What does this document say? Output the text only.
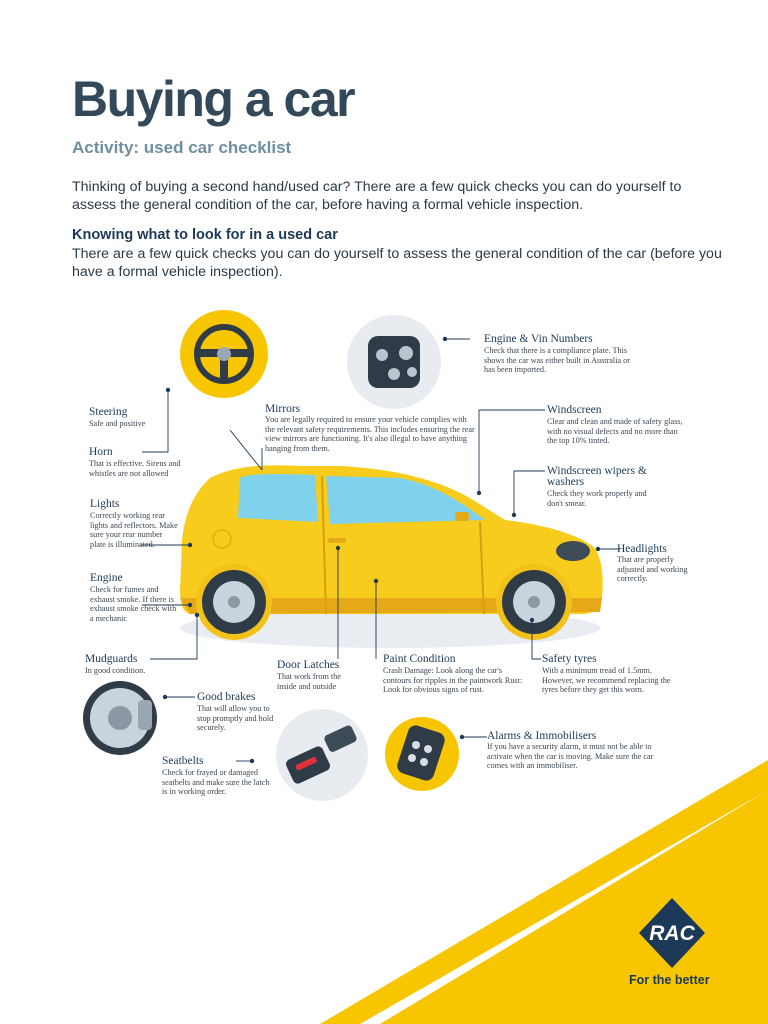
Buying a car
Activity: used car checklist
Thinking of buying a second hand/used car? There are a few quick checks you can do yourself to assess the general condition of the car, before having a formal vehicle inspection.
Knowing what to look for in a used car
There are a few quick checks you can do yourself to assess the general condition of the car (before you have a formal vehicle inspection).
RAC
Engine & Vin Numbers
Check that there is a compliance plate. This shows the car was either built in Australia or has been imported.
Steering
Safe and positive
Mirrors
You are legally required to ensure your vehicle complies with the relevant safety requirements. This includes ensuring the rear view mirrors are functioning. It's also illegal to have anything hanging from them.
Windscreen
Clear and clean and made of safety glass, with no visual defects and no more than the top 10% tinted.
Horn
That is effective. Sirens and whistles are not allowed	Windscreen wipers & washers
Check they work properly and don't smear.
Lights
Correctly working rear lights and reflectors. Make sure your rear number plate is illuminated.	Headlights
That are properly adjusted and working correctly.
Engine
Check for fumes and exhaust smoke. If there is exhaust smoke check with a mechanic
Mudguards
In good condition.	Door Latches
That work from the inside and outside
Paint Condition
Crash Damage: Look along the car's contours for ripples in the paintwork Rust: Look for obvious signs of rust.
Safety tyres
With a minimum tread of 1.5mm. However, we recommend replacing the tyres before they get this worn.
Good brakes
That will allow you to stop promptly and hold securely.
Alarms & Immobilisers
If you have a security alarm, it must not be able to activate when the car is moving. Make sure the car comes with an immobiliser.
Seatbelts
Check for frayed or damaged seatbelts and make sure the latch is in working order.
For the better
